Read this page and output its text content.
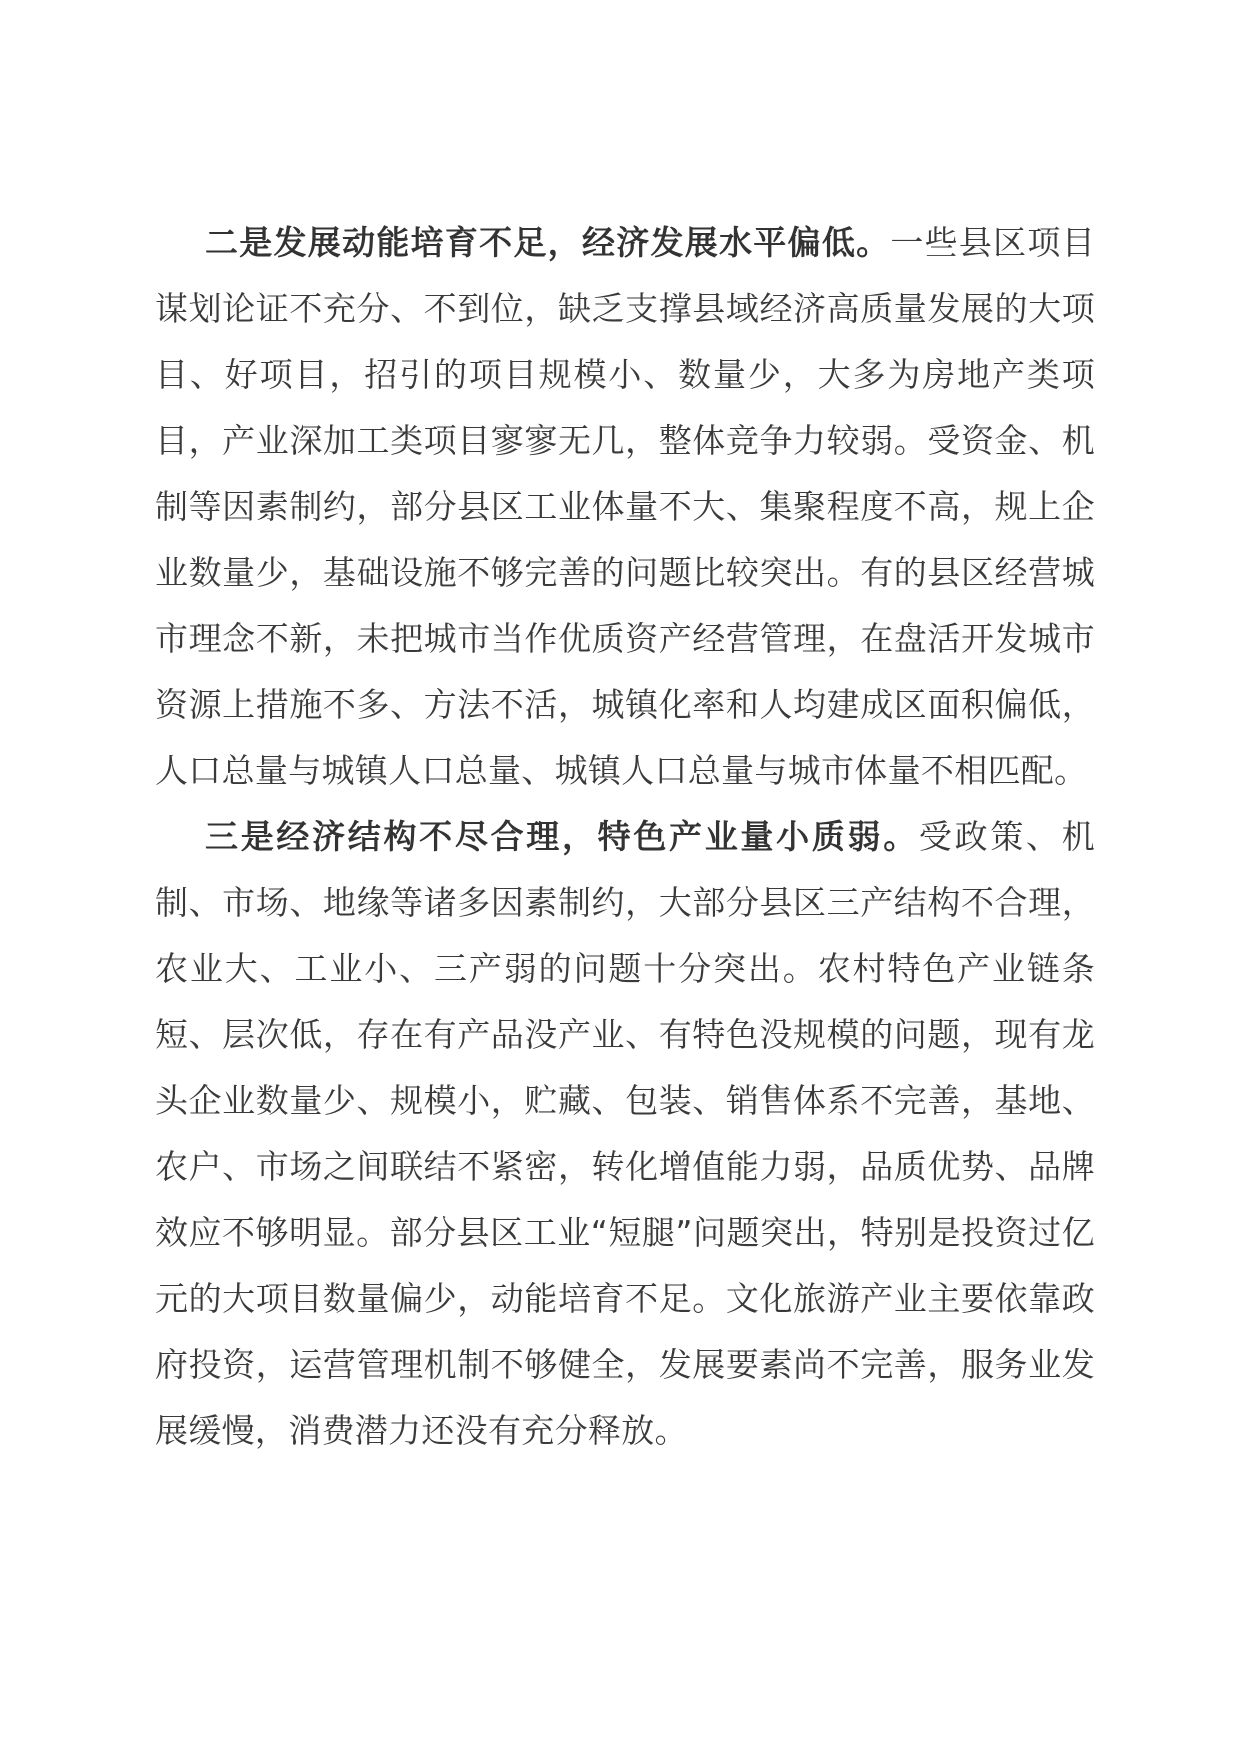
二是发展动能培育不足，经济发展水平偏低。一些县区项目谋划论证不充分、不到位，缺乏支撑县域经济高质量发展的大项目、好项目，招引的项目规模小、数量少，大多为房地产类项目，产业深加工类项目寥寥无几，整体竞争力较弱。受资金、机制等因素制约，部分县区工业体量不大、集聚程度不高，规上企业数量少，基础设施不够完善的问题比较突出。有的县区经营城市理念不新，未把城市当作优质资产经营管理，在盘活开发城市资源上措施不多、方法不活，城镇化率和人均建成区面积偏低，人口总量与城镇人口总量、城镇人口总量与城市体量不相匹配。

三是经济结构不尽合理，特色产业量小质弱。受政策、机制、市场、地缘等诸多因素制约，大部分县区三产结构不合理，农业大、工业小、三产弱的问题十分突出。农村特色产业链条短、层次低，存在有产品没产业、有特色没规模的问题，现有龙头企业数量少、规模小，贮藏、包装、销售体系不完善，基地、农户、市场之间联结不紧密，转化增值能力弱，品质优势、品牌效应不够明显。部分县区工业“短腿”问题突出，特别是投资过亿元的大项目数量偏少，动能培育不足。文化旅游产业主要依靠政府投资，运营管理机制不够健全，发展要素尚不完善，服务业发展缓慢，消费潜力还没有充分释放。
